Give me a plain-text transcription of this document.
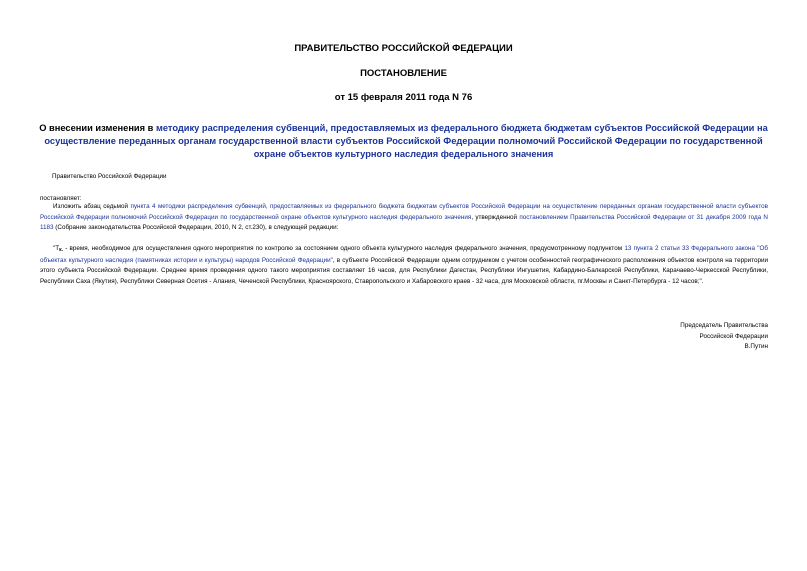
ПРАВИТЕЛЬСТВО РОССИЙСКОЙ ФЕДЕРАЦИИ
ПОСТАНОВЛЕНИЕ
от 15 февраля 2011 года N 76
О внесении изменения в методику распределения субвенций, предоставляемых из федерального бюджета бюджетам субъектов Российской Федерации на осуществление переданных органам государственной власти субъектов Российской Федерации полномочий Российской Федерации по государственной охране объектов культурного наследия федерального значения
Правительство Российской Федерации
постановляет:
Изложить абзац седьмой пункта 4 методики распределения субвенций, предоставляемых из федерального бюджета бюджетам субъектов Российской Федерации на осуществление переданных органам государственной власти субъектов Российской Федерации полномочий Российской Федерации по государственной охране объектов культурного наследия федерального значения, утвержденной постановлением Правительства Российской Федерации от 31 декабря 2009 года N 1183 (Собрание законодательства Российской Федерации, 2010, N 2, ст.230), в следующей редакции:
"$T_{к.}$ - время, необходимое для осуществления одного мероприятия по контролю за состоянием одного объекта культурного наследия федерального значения, предусмотренному подпунктом 13 пункта 2 статьи 33 Федерального закона "Об объектах культурного наследия (памятниках истории и культуры) народов Российской Федерации", в субъекте Российской Федерации одним сотрудником с учетом особенностей географического расположения объектов контроля на территории этого субъекта Российской Федерации. Среднее время проведения одного такого мероприятия составляет 16 часов, для Республики Дагестан, Республики Ингушетия, Кабардино-Балкарской Республики, Карачаево-Черкесской Республики, Республики Саха (Якутия), Республики Северная Осетия - Алания, Чеченской Республики, Красноярского, Ставропольского и Хабаровского краев - 32 часа, для Московской области, пг.Москвы и Санкт-Петербурга - 12 часов;".
Председатель Правительства
Российской Федерации
В.Путин
